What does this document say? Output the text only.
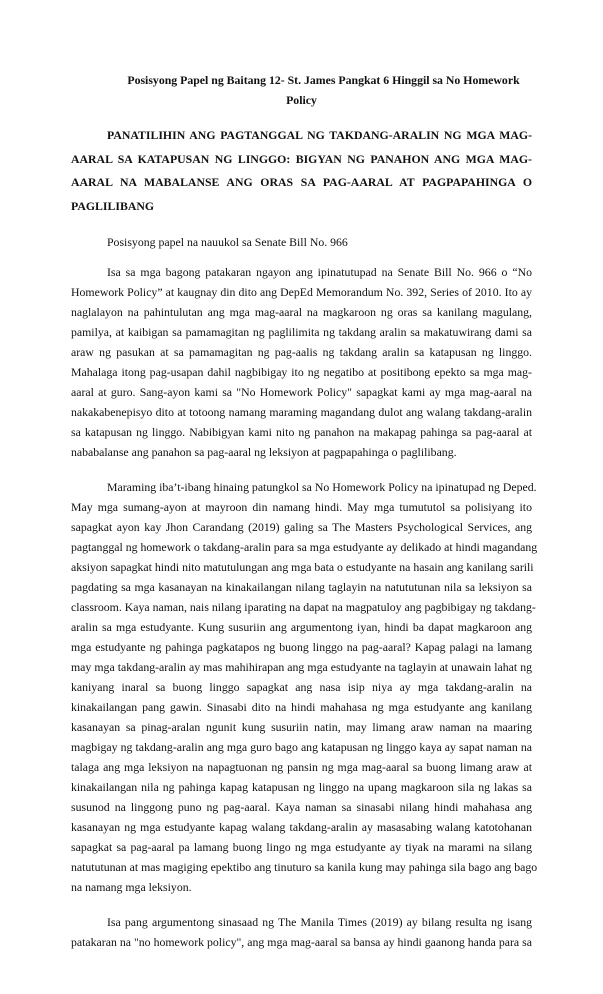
Posisyong Papel ng Baitang 12- St. James Pangkat 6 Hinggil sa No Homework
Policy
PANATILIHIN ANG PAGTANGGAL NG TAKDANG-ARALIN NG MGA MAG-
AARAL SA KATAPUSAN NG LINGGO: BIGYAN NG PANAHON ANG MGA MAG-
AARAL NA MABALANSE ANG ORAS SA PAG-AARAL AT PAGPAPAHINGA O
PAGLILIBANG
Posisyong papel na nauukol sa Senate Bill No. 966
Isa sa mga bagong patakaran ngayon ang ipinatutupad na Senate Bill No. 966 o “No
Homework Policy” at kaugnay din dito ang DepEd Memorandum No. 392, Series of 2010. Ito ay
naglalayon na pahintulutan ang mga mag-aaral na magkaroon ng oras sa kanilang magulang,
pamilya, at kaibigan sa pamamagitan ng paglilimita ng takdang aralin sa makatuwirang dami sa
araw ng pasukan at sa pamamagitan ng pag-aalis ng takdang aralin sa katapusan ng linggo.
Mahalaga itong pag-usapan dahil nagbibigay ito ng negatibo at positibong epekto sa mga mag-
aaral at guro. Sang-ayon kami sa "No Homework Policy" sapagkat kami ay mga mag-aaral na
nakakabenepisyo dito at totoong namang maraming magandang dulot ang walang takdang-aralin
sa katapusan ng linggo. Nabibigyan kami nito ng panahon na makapag pahinga sa pag-aaral at
nababalanse ang panahon sa pag-aaral ng leksiyon at pagpapahinga o paglilibang.
Maraming iba’t-ibang hinaing patungkol sa No Homework Policy na ipinatupad ng Deped.
May mga sumang-ayon at mayroon din namang hindi. May mga tumututol sa polisiyang ito
sapagkat ayon kay Jhon Carandang (2019) galing sa The Masters Psychological Services, ang
pagtanggal ng homework o takdang-aralin para sa mga estudyante ay delikado at hindi magandang
aksiyon sapagkat hindi nito matutulungan ang mga bata o estudyante na hasain ang kanilang sarili
pagdating sa mga kasanayan na kinakailangan nilang taglayin na natututunan nila sa leksiyon sa
classroom. Kaya naman, nais nilang iparating na dapat na magpatuloy ang pagbibigay ng takdang-
aralin sa mga estudyante. Kung susuriin ang argumentong iyan, hindi ba dapat magkaroon ang
mga estudyante ng pahinga pagkatapos ng buong linggo na pag-aaral? Kapag palagi na lamang
may mga takdang-aralin ay mas mahihirapan ang mga estudyante na taglayin at unawain lahat ng
kaniyang inaral sa buong linggo sapagkat ang nasa isip niya ay mga takdang-aralin na
kinakailangan pang gawin. Sinasabi dito na hindi mahahasa ng mga estudyante ang kanilang
kasanayan sa pinag-aralan ngunit kung susuriin natin, may limang araw naman na maaring
magbigay ng takdang-aralin ang mga guro bago ang katapusan ng linggo kaya ay sapat naman na
talaga ang mga leksiyon na napagtuonan ng pansin ng mga mag-aaral sa buong limang araw at
kinakailangan nila ng pahinga kapag katapusan ng linggo na upang magkaroon sila ng lakas sa
susunod na linggong puno ng pag-aaral. Kaya naman sa sinasabi nilang hindi mahahasa ang
kasanayan ng mga estudyante kapag walang takdang-aralin ay masasabing walang katotohanan
sapagkat sa pag-aaral pa lamang buong lingo ng mga estudyante ay tiyak na marami na silang
natututunan at mas magiging epektibo ang tinuturo sa kanila kung may pahinga sila bago ang bago
na namang mga leksiyon.
Isa pang argumentong sinasaad ng The Manila Times (2019) ay bilang resulta ng isang
patakaran na "no homework policy", ang mga mag-aaral sa bansa ay hindi gaanong handa para sa
